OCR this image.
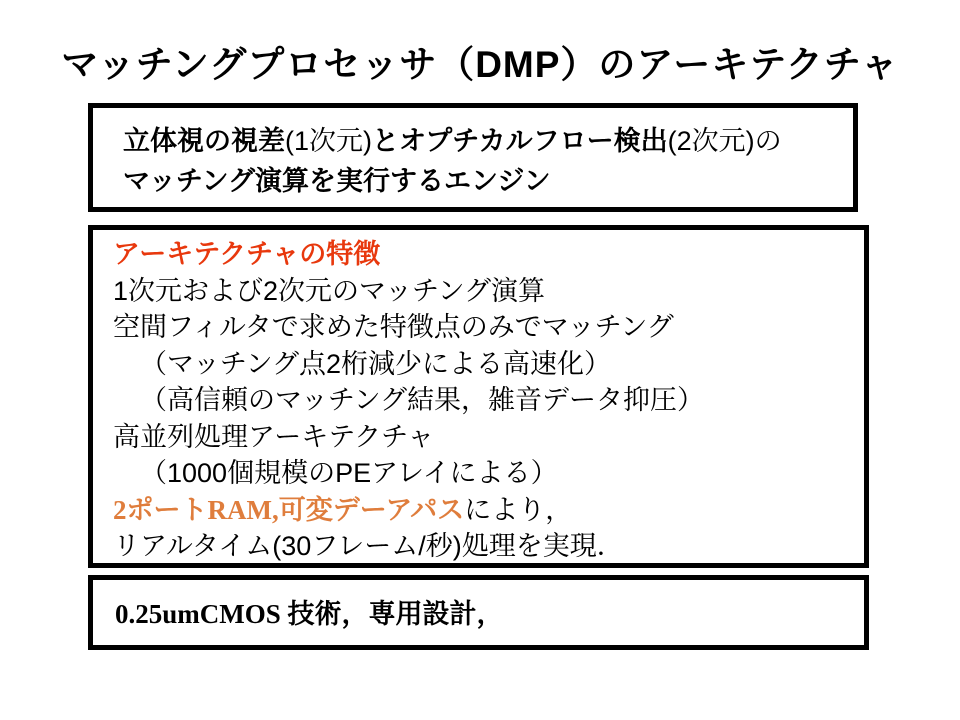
マッチングプロセッサ（DMP）のアーキテクチャ
立体視の視差(1次元)とオプチカルフロー検出(2次元)の
マッチング演算を実行するエンジン
アーキテクチャの特徴
1次元および2次元のマッチング演算
空間フィルタで求めた特徴点のみでマッチング
（マッチング点2桁減少による高速化）
（高信頼のマッチング結果，雑音データ抑圧）
高並列処理アーキテクチャ
（1000個規模のPEアレイによる）
2ポートRAM,可変デーアパスにより，
リアルタイム(30フレーム/秒)処理を実現．
0.25umCMOS 技術，専用設計，
